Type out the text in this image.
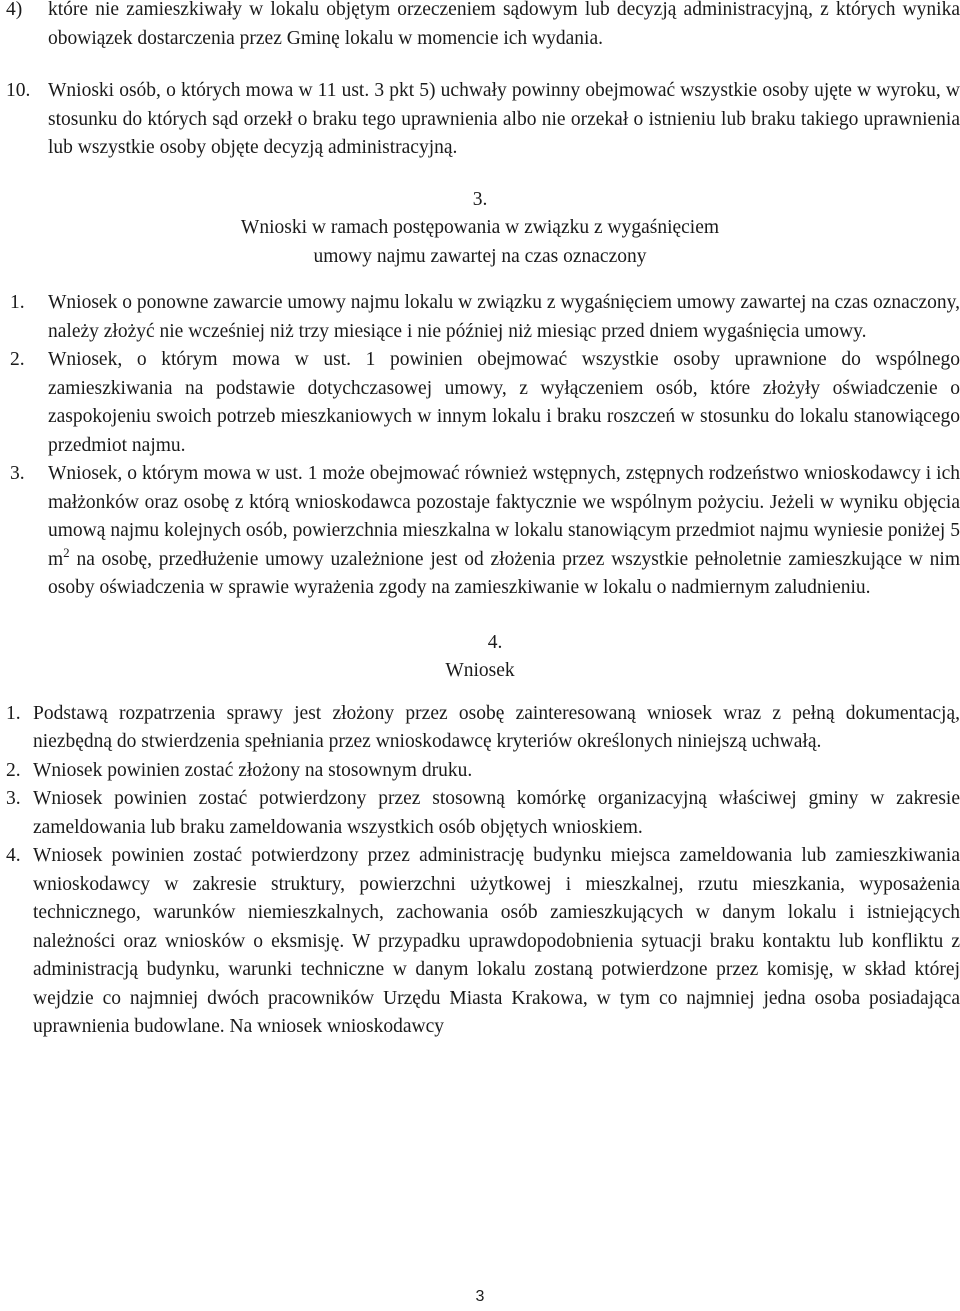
4) które nie zamieszkiwały w lokalu objętym orzeczeniem sądowym lub decyzją administracyjną, z których wynika obowiązek dostarczenia przez Gminę lokalu w momencie ich wydania.

10. Wnioski osób, o których mowa w 11 ust. 3 pkt 5) uchwały powinny obejmować wszystkie osoby ujęte w wyroku, w stosunku do których sąd orzekł o braku tego uprawnienia albo nie orzekał o istnieniu lub braku takiego uprawnienia lub wszystkie osoby objęte decyzją administracyjną.

3.
Wnioski w ramach postępowania w związku z wygaśnięciem
umowy najmu zawartej na czas oznaczony

1. Wniosek o ponowne zawarcie umowy najmu lokalu w związku z wygaśnięciem umowy zawartej na czas oznaczony, należy złożyć nie wcześniej niż trzy miesiące i nie później niż miesiąc przed dniem wygaśnięcia umowy.

2. Wniosek, o którym mowa w ust. 1 powinien obejmować wszystkie osoby uprawnione do wspólnego zamieszkiwania na podstawie dotychczasowej umowy, z wyłączeniem osób, które złożyły oświadczenie o zaspokojeniu swoich potrzeb mieszkaniowych w innym lokalu i braku roszczeń w stosunku do lokalu stanowiącego przedmiot najmu.

3. Wniosek, o którym mowa w ust. 1 może obejmować również wstępnych, zstępnych rodzeństwo wnioskodawcy i ich małżonków oraz osobę z którą wnioskodawca pozostaje faktycznie we wspólnym pożyciu. Jeżeli w wyniku objęcia umową najmu kolejnych osób, powierzchnia mieszkalna w lokalu stanowiącym przedmiot najmu wyniesie poniżej 5 $m^2$ na osobę, przedłużenie umowy uzależnione jest od złożenia przez wszystkie pełnoletnie zamieszkujące w nim osoby oświadczenia w sprawie wyrażenia zgody na zamieszkiwanie w lokalu o nadmiernym zaludnieniu.

4.
Wniosek

1. Podstawą rozpatrzenia sprawy jest złożony przez osobę zainteresowaną wniosek wraz z pełną dokumentacją, niezbędną do stwierdzenia spełniania przez wnioskodawcę kryteriów określonych niniejszą uchwałą.

2. Wniosek powinien zostać złożony na stosownym druku.

3. Wniosek powinien zostać potwierdzony przez stosowną komórkę organizacyjną właściwej gminy w zakresie zameldowania lub braku zameldowania wszystkich osób objętych wnioskiem.

4. Wniosek powinien zostać potwierdzony przez administrację budynku miejsca zameldowania lub zamieszkiwania wnioskodawcy w zakresie struktury, powierzchni użytkowej i mieszkalnej, rzutu mieszkania, wyposażenia technicznego, warunków niemieszkalnych, zachowania osób zamieszkujących w danym lokalu i istniejących należności oraz wniosków o eksmisję. W przypadku uprawdopodobnienia sytuacji braku kontaktu lub konfliktu z administracją budynku, warunki techniczne w danym lokalu zostaną potwierdzone przez komisję, w skład której wejdzie co najmniej dwóch pracowników Urzędu Miasta Krakowa, w tym co najmniej jedna osoba posiadająca uprawnienia budowlane. Na wniosek wnioskodawcy

3
